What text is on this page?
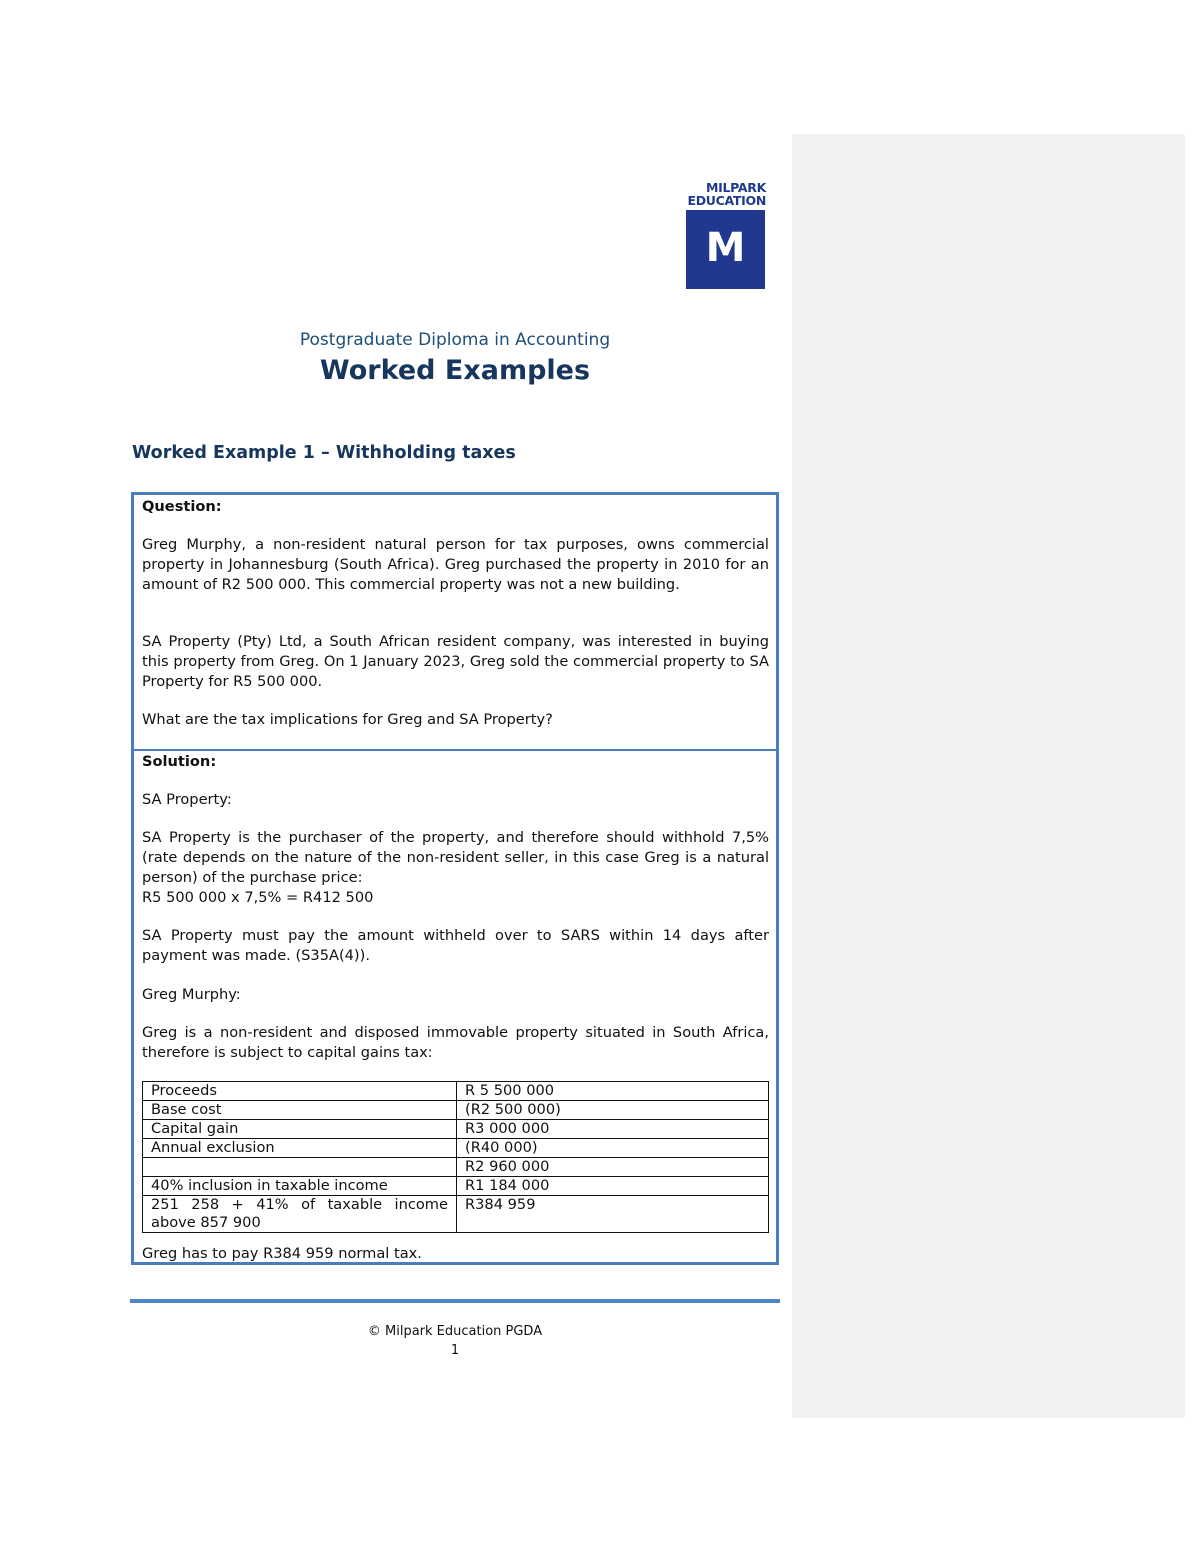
MILPARK
EDUCATION
M
Postgraduate Diploma in Accounting
Worked Examples
Worked Example 1 – Withholding taxes
Question:
Greg Murphy, a non-resident natural person for tax purposes, owns commercial property in Johannesburg (South Africa). Greg purchased the property in 2010 for an amount of R2 500 000. This commercial property was not a new building.
SA Property (Pty) Ltd, a South African resident company, was interested in buying this property from Greg. On 1 January 2023, Greg sold the commercial property to SA Property for R5 500 000.
What are the tax implications for Greg and SA Property?
Solution:
SA Property:
SA Property is the purchaser of the property, and therefore should withhold 7,5% (rate depends on the nature of the non-resident seller, in this case Greg is a natural person) of the purchase price:
R5 500 000 x 7,5% = R412 500
SA Property must pay the amount withheld over to SARS within 14 days after payment was made. (S35A(4)).
Greg Murphy:
Greg is a non-resident and disposed immovable property situated in South Africa, therefore is subject to capital gains tax:
Proceeds	R 5 500 000
Base cost	(R2 500 000)
Capital gain	R3 000 000
Annual exclusion	(R40 000)
	R2 960 000
40% inclusion in taxable income	R1 184 000
251 258 + 41% of taxable income above 857 900	R384 959
Greg has to pay R384 959 normal tax.
© Milpark Education PGDA
1
